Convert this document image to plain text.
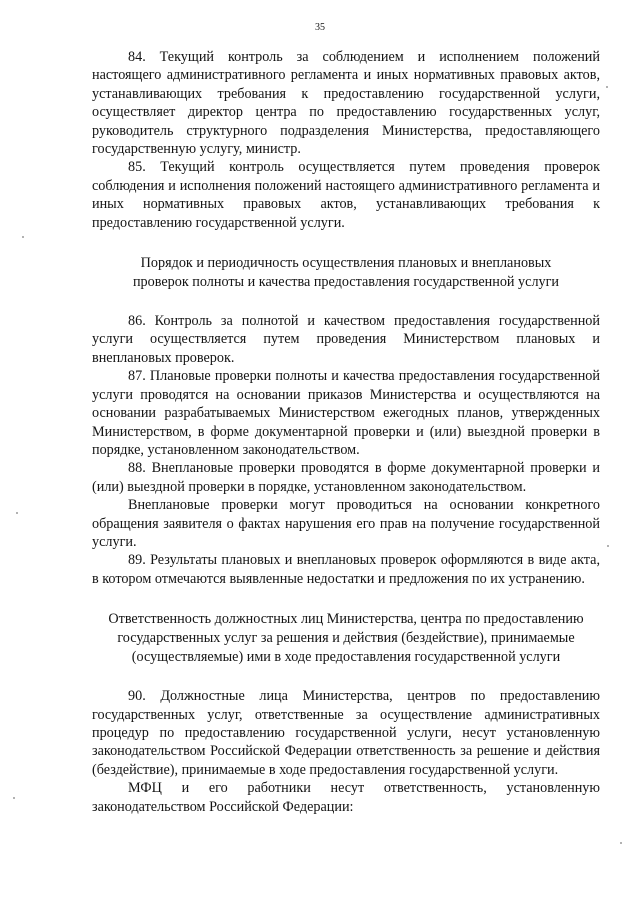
35

84. Текущий контроль за соблюдением и исполнением положений настоящего административного регламента и иных нормативных правовых актов, устанавливающих требования к предоставлению государственной услуги, осуществляет директор центра по предоставлению государственных услуг, руководитель структурного подразделения Министерства, предоставляющего государственную услугу, министр.

85. Текущий контроль осуществляется путем проведения проверок соблюдения и исполнения положений настоящего административного регламента и иных нормативных правовых актов, устанавливающих требования к предоставлению государственной услуги.

Порядок и периодичность осуществления плановых и внеплановых проверок полноты и качества предоставления государственной услуги

86. Контроль за полнотой и качеством предоставления государственной услуги осуществляется путем проведения Министерством плановых и внеплановых проверок.

87. Плановые проверки полноты и качества предоставления государственной услуги проводятся на основании приказов Министерства и осуществляются на основании разрабатываемых Министерством ежегодных планов, утвержденных Министерством, в форме документарной проверки и (или) выездной проверки в порядке, установленном законодательством.

88. Внеплановые проверки проводятся в форме документарной проверки и (или) выездной проверки в порядке, установленном законодательством.

Внеплановые проверки могут проводиться на основании конкретного обращения заявителя о фактах нарушения его прав на получение государственной услуги.

89. Результаты плановых и внеплановых проверок оформляются в виде акта, в котором отмечаются выявленные недостатки и предложения по их устранению.

Ответственность должностных лиц Министерства, центра по предоставлению государственных услуг за решения и действия (бездействие), принимаемые (осуществляемые) ими в ходе предоставления государственной услуги

90. Должностные лица Министерства, центров по предоставлению государственных услуг, ответственные за осуществление административных процедур по предоставлению государственной услуги, несут установленную законодательством Российской Федерации ответственность за решение и действия (бездействие), принимаемые в ходе предоставления государственной услуги.

МФЦ и его работники несут ответственность, установленную законодательством Российской Федерации:
